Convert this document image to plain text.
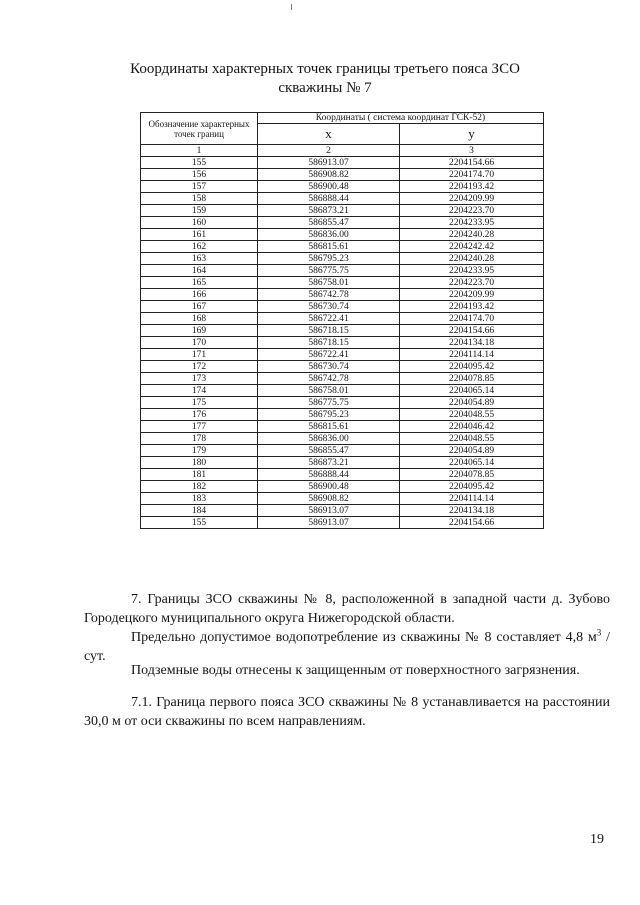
Координаты характерных точек границы третьего пояса ЗСО
скважины № 7
Обозначение характерных точек границ	Координаты ( система координат ГСК-52)	
	x	y
1	2	3
155	586913.07	2204154.66
156	586908.82	2204174.70
157	586900.48	2204193.42
158	586888.44	2204209.99
159	586873.21	2204223.70
160	586855.47	2204233.95
161	586836.00	2204240.28
162	586815.61	2204242.42
163	586795.23	2204240.28
164	586775.75	2204233.95
165	586758.01	2204223.70
166	586742.78	2204209.99
167	586730.74	2204193.42
168	586722.41	2204174.70
169	586718.15	2204154.66
170	586718.15	2204134.18
171	586722.41	2204114.14
172	586730.74	2204095.42
173	586742.78	2204078.85
174	586758.01	2204065.14
175	586775.75	2204054.89
176	586795.23	2204048.55
177	586815.61	2204046.42
178	586836.00	2204048.55
179	586855.47	2204054.89
180	586873.21	2204065.14
181	586888.44	2204078.85
182	586900.48	2204095.42
183	586908.82	2204114.14
184	586913.07	2204134.18
155	586913.07	2204154.66
7. Границы ЗСО скважины № 8, расположенной в западной части д. Зубово Городецкого муниципального округа Нижегородской области.
Предельно допустимое водопотребление из скважины № 8 составляет 4,8 $м^3$ /сут.
Подземные воды отнесены к защищенным от поверхностного загрязнения.
7.1. Граница первого пояса ЗСО скважины № 8 устанавливается на расстоянии 30,0 м от оси скважины по всем направлениям.
19
